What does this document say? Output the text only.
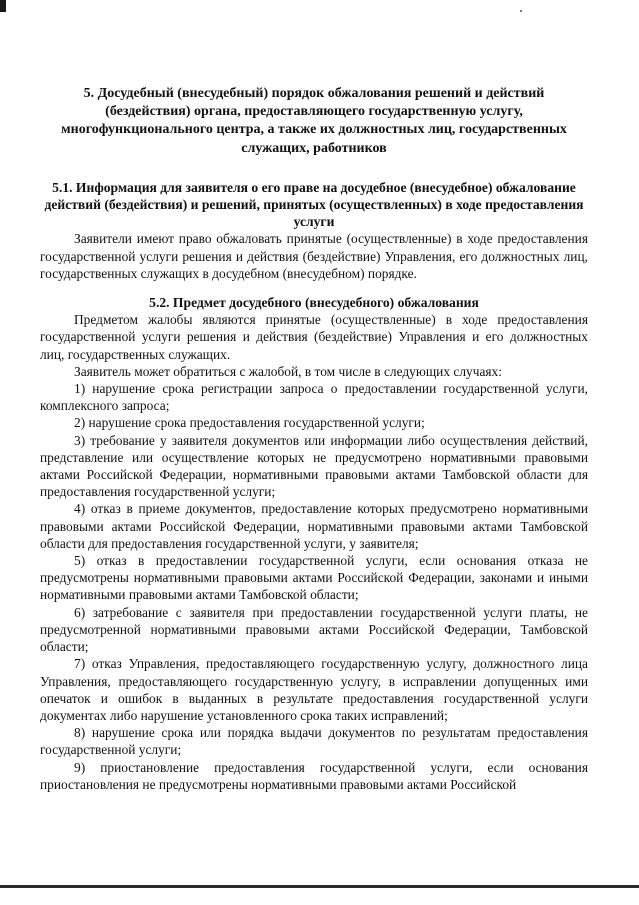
5. Досудебный (внесудебный) порядок обжалования решений и действий (бездействия) органа, предоставляющего государственную услугу, многофункционального центра, а также их должностных лиц, государственных служащих, работников
5.1. Информация для заявителя о его праве на досудебное (внесудебное) обжалование действий (бездействия) и решений, принятых (осуществленных) в ходе предоставления услуги

Заявители имеют право обжаловать принятые (осуществленные) в ходе предоставления государственной услуги решения и действия (бездействие) Управления, его должностных лиц, государственных служащих в досудебном (внесудебном) порядке.

5.2. Предмет досудебного (внесудебного) обжалования

Предметом жалобы являются принятые (осуществленные) в ходе предоставления государственной услуги решения и действия (бездействие) Управления и его должностных лиц, государственных служащих.

Заявитель может обратиться с жалобой, в том числе в следующих случаях:

1) нарушение срока регистрации запроса о предоставлении государственной услуги, комплексного запроса;

2) нарушение срока предоставления государственной услуги;

3) требование у заявителя документов или информации либо осуществления действий, представление или осуществление которых не предусмотрено нормативными правовыми актами Российской Федерации, нормативными правовыми актами Тамбовской области для предоставления государственной услуги;

4) отказ в приеме документов, предоставление которых предусмотрено нормативными правовыми актами Российской Федерации, нормативными правовыми актами Тамбовской области для предоставления государственной услуги, у заявителя;

5) отказ в предоставлении государственной услуги, если основания отказа не предусмотрены нормативными правовыми актами Российской Федерации, законами и иными нормативными правовыми актами Тамбовской области;

6) затребование с заявителя при предоставлении государственной услуги платы, не предусмотренной нормативными правовыми актами Российской Федерации, Тамбовской области;

7) отказ Управления, предоставляющего государственную услугу, должностного лица Управления, предоставляющего государственную услугу, в исправлении допущенных ими опечаток и ошибок в выданных в результате предоставления государственной услуги документах либо нарушение установленного срока таких исправлений;

8) нарушение срока или порядка выдачи документов по результатам предоставления государственной услуги;

9) приостановление предоставления государственной услуги, если основания приостановления не предусмотрены нормативными правовыми актами Российской
